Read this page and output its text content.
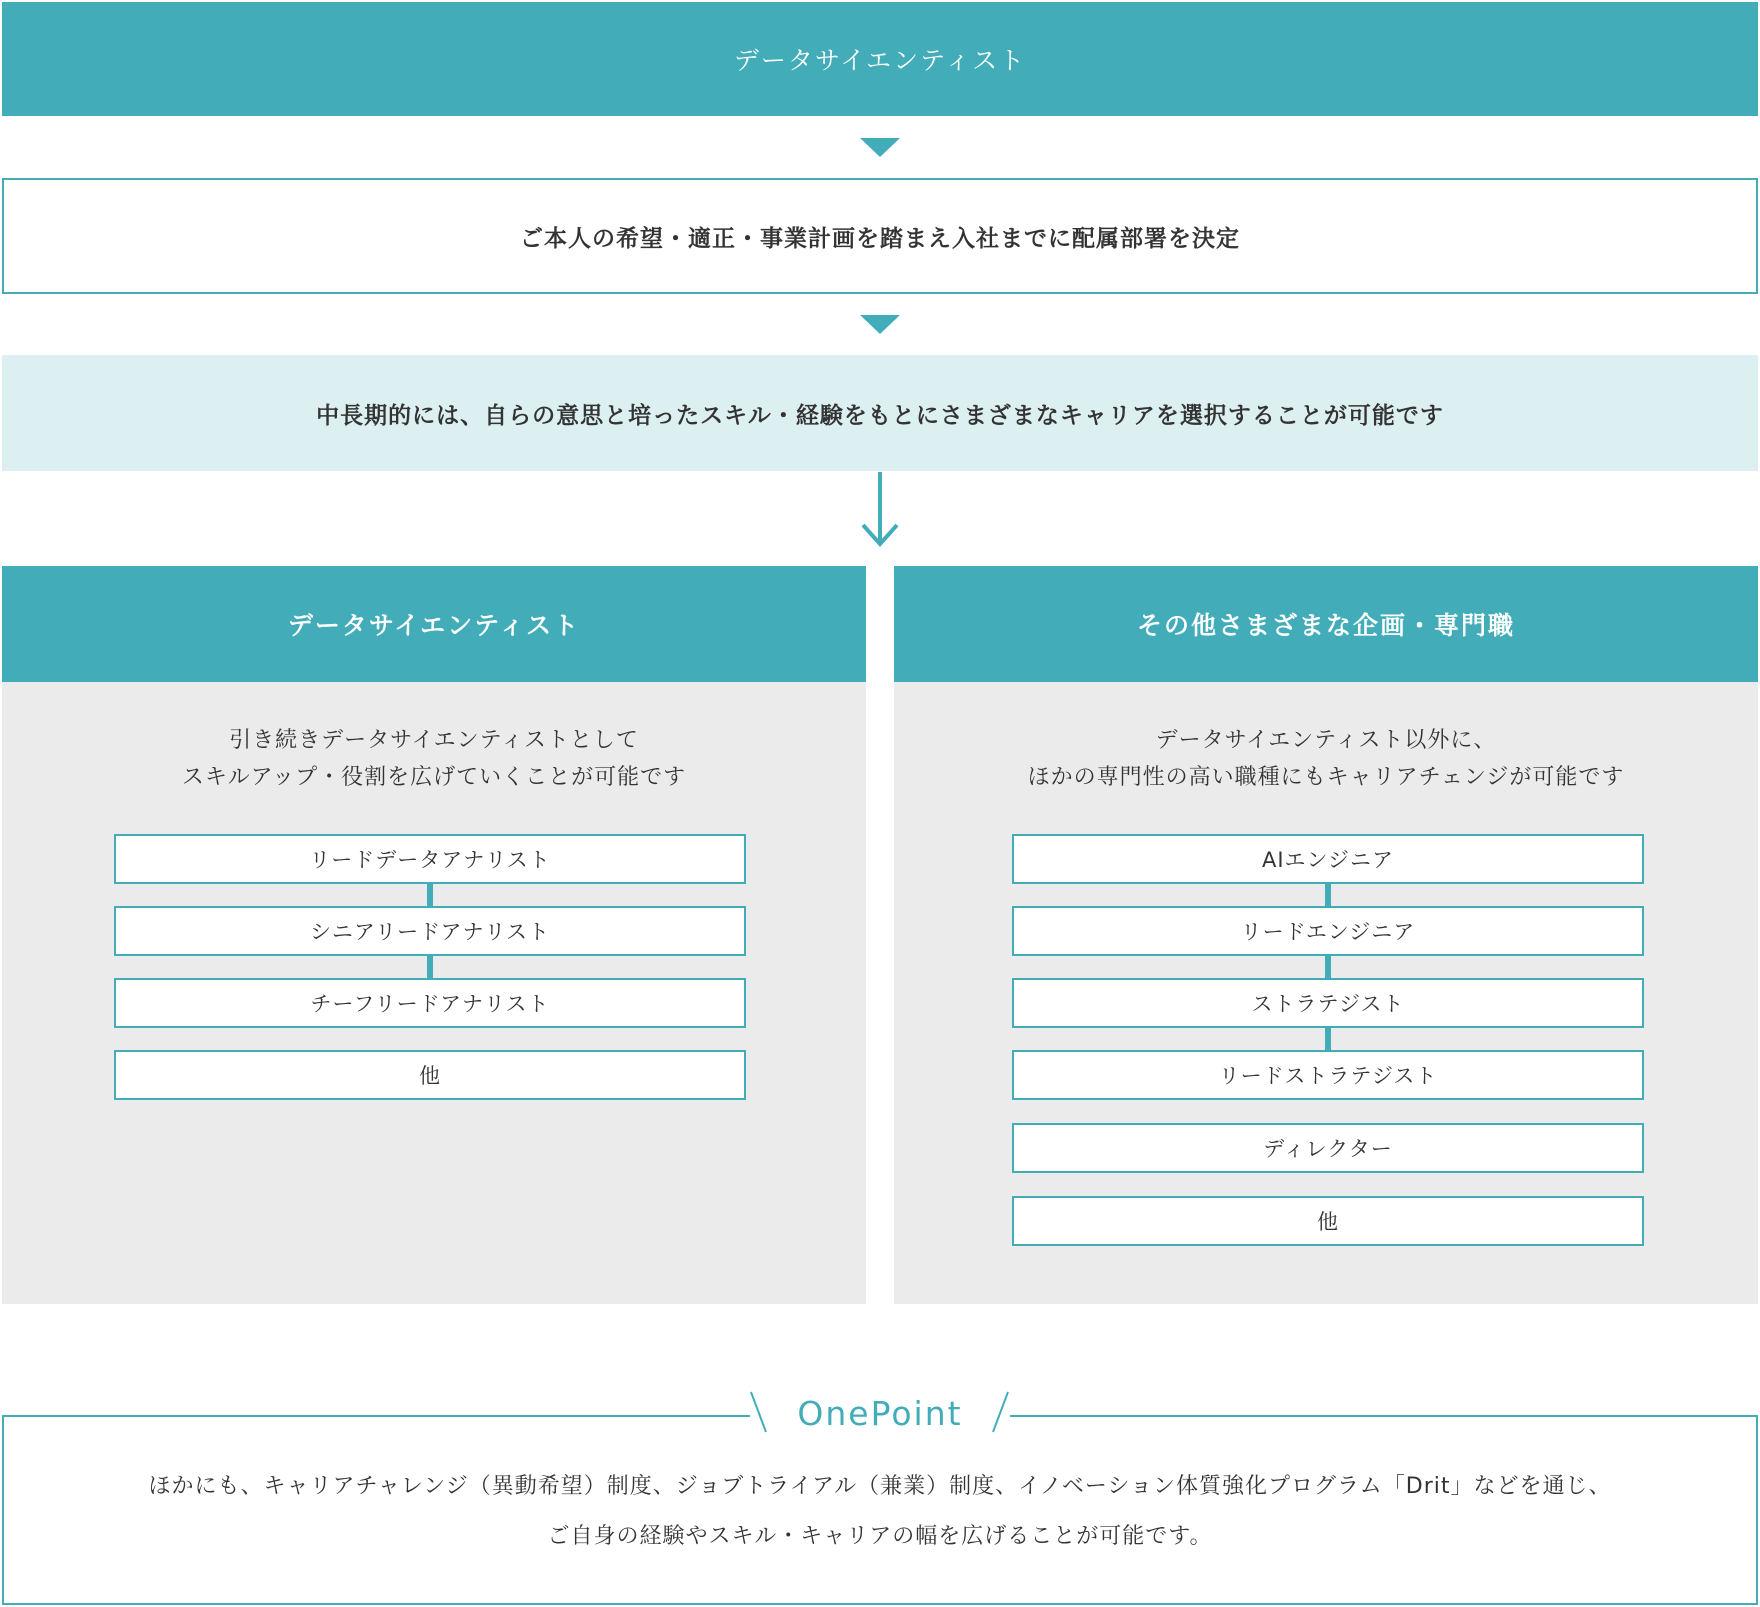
データサイエンティスト
ご本人の希望・適正・事業計画を踏まえ入社までに配属部署を決定
中長期的には、自らの意思と培ったスキル・経験をもとにさまざまなキャリアを選択することが可能です
データサイエンティスト
引き続きデータサイエンティストとして
スキルアップ・役割を広げていくことが可能です
リードデータアナリスト
シニアリードアナリスト
チーフリードアナリスト
他
その他さまざまな企画・専門職
データサイエンティスト以外に、
ほかの専門性の高い職種にもキャリアチェンジが可能です
AIエンジニア
リードエンジニア
ストラテジスト
リードストラテジスト
ディレクター
他
OnePoint
ほかにも、キャリアチャレンジ（異動希望）制度、ジョブトライアル（兼業）制度、イノベーション体質強化プログラム「Drit」などを通じ、
ご自身の経験やスキル・キャリアの幅を広げることが可能です。
